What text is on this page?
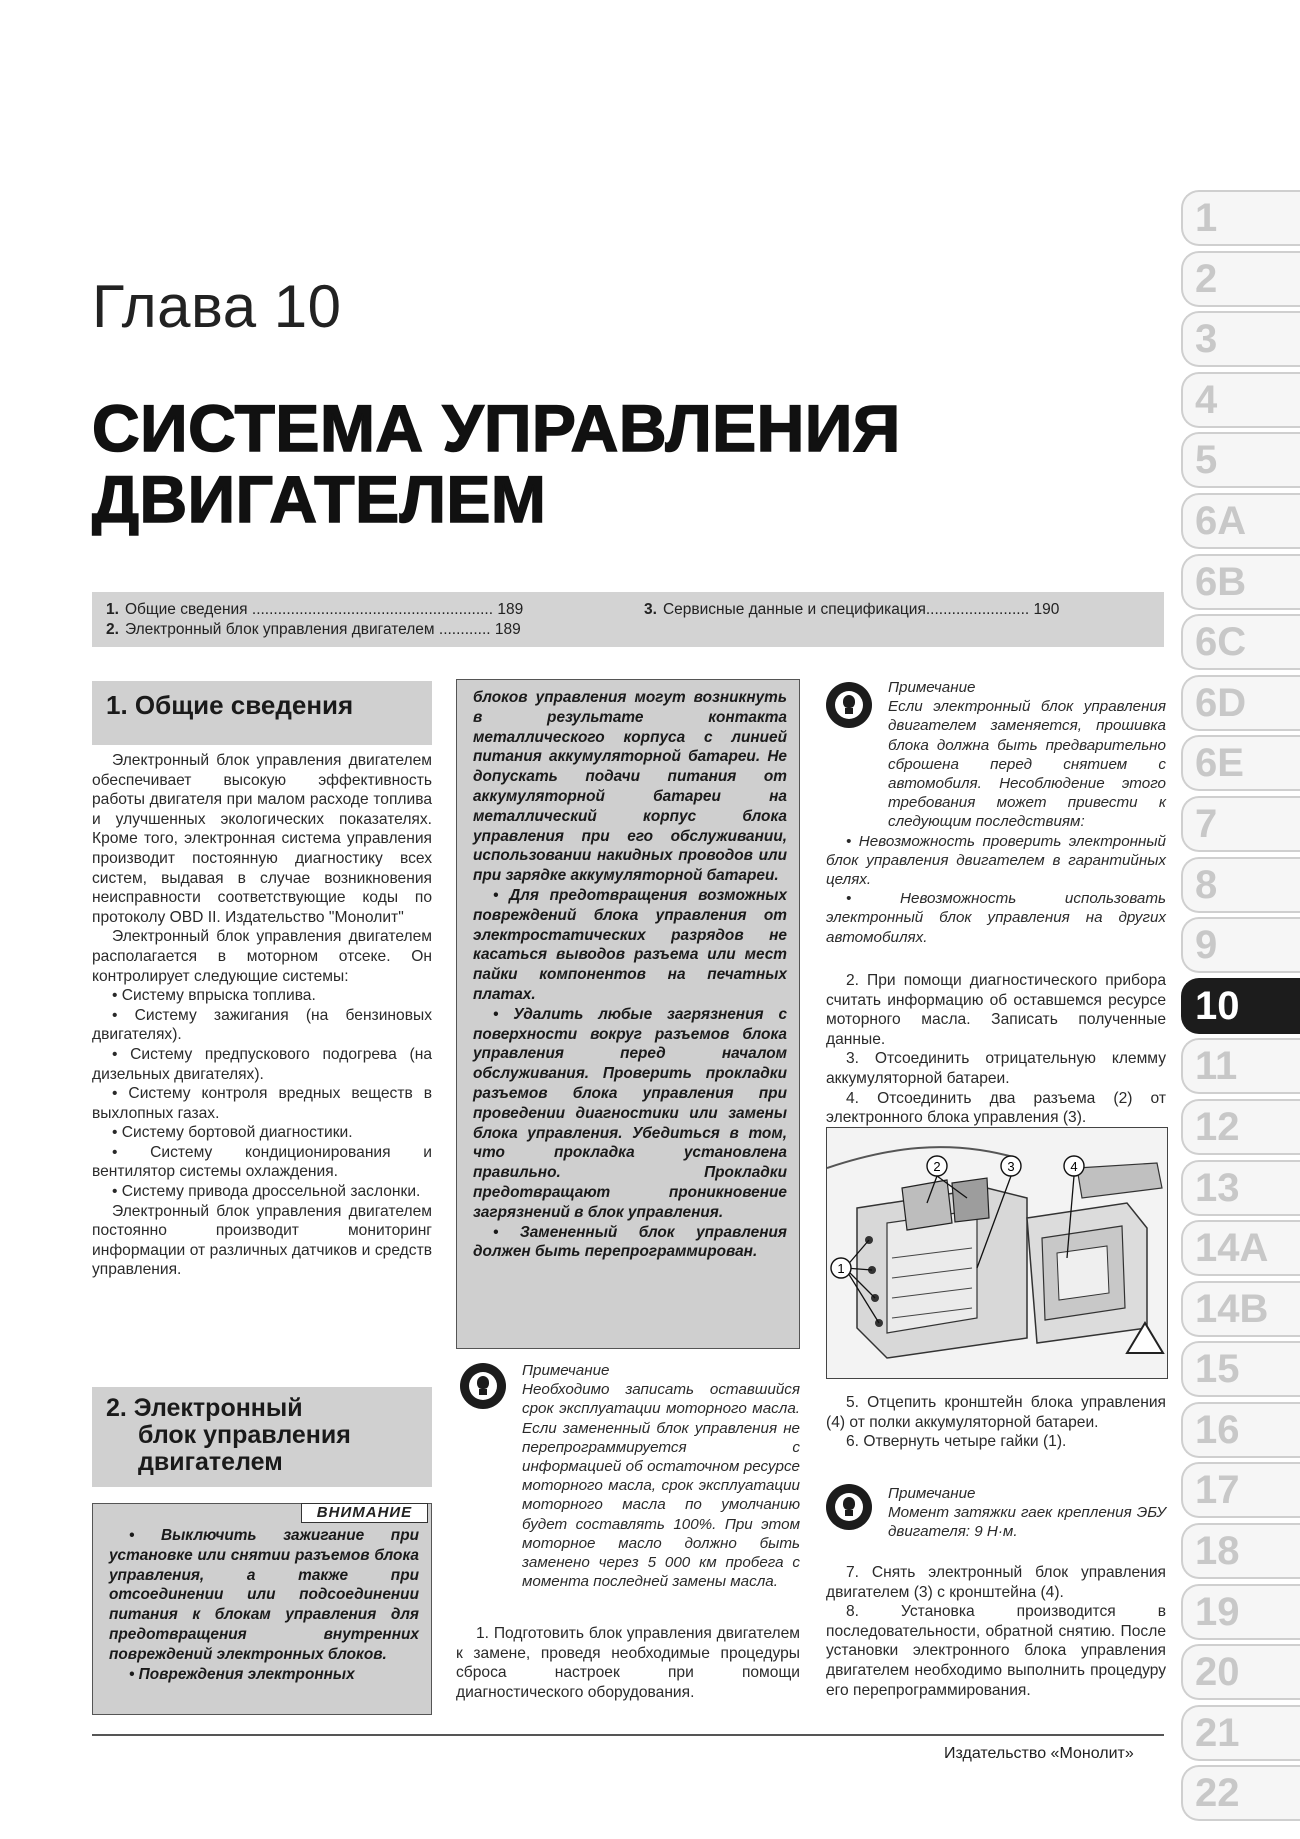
Глава 10
СИСТЕМА УПРАВЛЕНИЯ
ДВИГАТЕЛЕМ
1
2
3
4
5
6A
6B
6C
6D
6E
7
8
9
10
11
12
13
14A
14B
15
16
17
18
19
20
21
22
1. Общие сведения ........................................................ 189
2. Электронный блок управления двигателем ............ 189
3. Сервисные данные и спецификация........................ 190
1. Общие сведения

Электронный блок управления двигателем обеспечивает высокую эффективность работы двигателя при малом расходе топлива и улучшенных экологических показателях. Кроме того, электронная система управления производит постоянную диагностику всех систем, выдавая в случае возникновения неисправности соответствующие коды по протоколу OBD II. Издательство "Монолит"

Электронный блок управления двигателем располагается в моторном отсеке. Он контролирует следующие системы:

• Систему впрыска топлива.

• Систему зажигания (на бензиновых двигателях).

• Систему предпускового подогрева (на дизельных двигателях).

• Систему контроля вредных веществ в выхлопных газах.

• Систему бортовой диагностики.

• Систему кондиционирования и вентилятор системы охлаждения.

• Систему привода дроссельной заслонки.

Электронный блок управления двигателем постоянно производит мониторинг информации от различных датчиков и средств управления.

2. Электронный
блок управления
двигателем

• Выключить зажигание при установке или снятии разъемов блока управления, а также при отсоединении или подсоединении питания к блокам управления для предотвращения внутренних повреждений электронных блоков.

• Повреждения электронных

ВНИМАНИЕ

блоков управления могут возникнуть в результате контакта металлического корпуса с линией питания аккумуляторной батареи. Не допускать подачи питания от аккумуляторной батареи на металлический корпус блока управления при его обслуживании, использовании накидных проводов или при зарядке аккумуляторной батареи.

• Для предотвращения возможных повреждений блока управления от электростатических разрядов не касаться выводов разъема или мест пайки компонентов на печатных платах.

• Удалить любые загрязнения с поверхности вокруг разъемов блока управления перед началом обслуживания. Проверить прокладки разъемов блока управления при проведении диагностики или замены блока управления. Убедиться в том, что прокладка установлена правильно. Прокладки предотвращают проникновение загрязнений в блок управления.

• Замененный блок управления должен быть перепрограммирован.

Примечание

Необходимо записать оставшийся срок эксплуатации моторного масла. Если замененный блок управления не перепрограммируется с информацией об остаточном ресурсе моторного масла, срок эксплуатации моторного масла по умолчанию будет составлять 100%. При этом моторное масло должно быть заменено через 5 000 км пробега с момента последней замены масла.

1. Подготовить блок управления двигателем к замене, проведя необходимые процедуры сброса настроек при помощи диагностического оборудования.

Примечание

Если электронный блок управления двигателем заменяется, прошивка блока должна быть предварительно сброшена перед снятием с автомобиля. Несоблюдение этого требования может привести к следующим последствиям:

• Невозможность проверить электронный блок управления двигателем в гарантийных целях.

• Невозможность использовать электронный блок управления на других автомобилях.

2. При помощи диагностического прибора считать информацию об оставшемся ресурсе моторного масла. Записать полученные данные.

3. Отсоединить отрицательную клемму аккумуляторной батареи.

4. Отсоединить два разъема (2) от электронного блока управления (3).

1
2	3	4

5. Отцепить кронштейн блока управления (4) от полки аккумуляторной батареи.

6. Отвернуть четыре гайки (1).

Примечание

Момент затяжки гаек крепления ЭБУ двигателя: 9 Н·м.

7. Снять электронный блок управления двигателем (3) с кронштейна (4).

8. Установка производится в последовательности, обратной снятию. После установки электронного блока управления двигателем необходимо выполнить процедуру его перепрограммирования.

Издательство «Монолит»
